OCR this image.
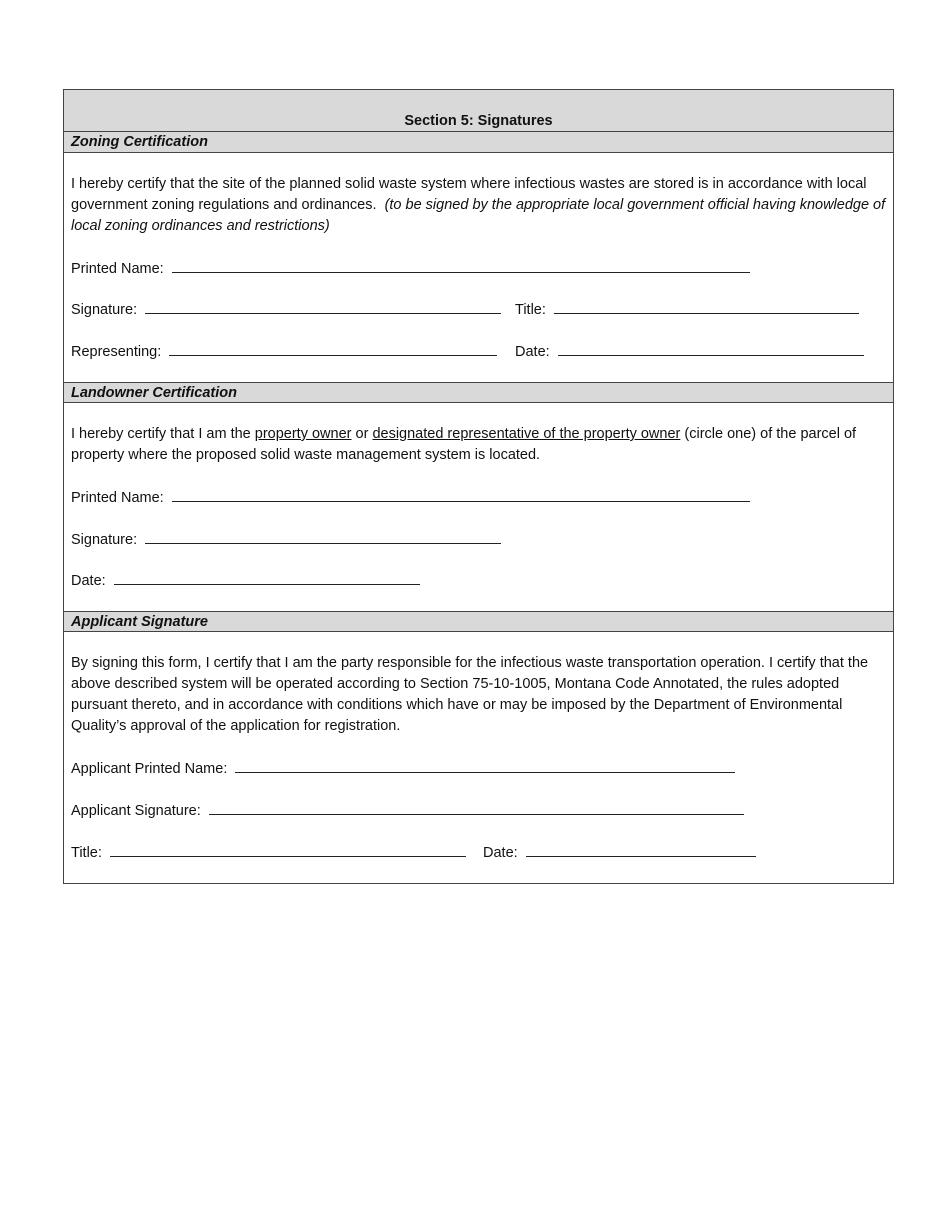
Section 5: Signatures
Zoning Certification

I hereby certify that the site of the planned solid waste system where infectious wastes are stored is in accordance with local government zoning regulations and ordinances. (to be signed by the appropriate local government official having knowledge of local zoning ordinances and restrictions)

Printed Name:
Signature:	Title:
Representing:	Date:
Landowner Certification

I hereby certify that I am the property owner or designated representative of the property owner (circle one) of the parcel of property where the proposed solid waste management system is located.

Printed Name:
Signature:
Date:
Applicant Signature

By signing this form, I certify that I am the party responsible for the infectious waste transportation operation. I certify that the above described system will be operated according to Section 75-10-1005, Montana Code Annotated, the rules adopted pursuant thereto, and in accordance with conditions which have or may be imposed by the Department of Environmental Quality’s approval of the application for registration.

Applicant Printed Name:
Applicant Signature:
Title:	Date:
